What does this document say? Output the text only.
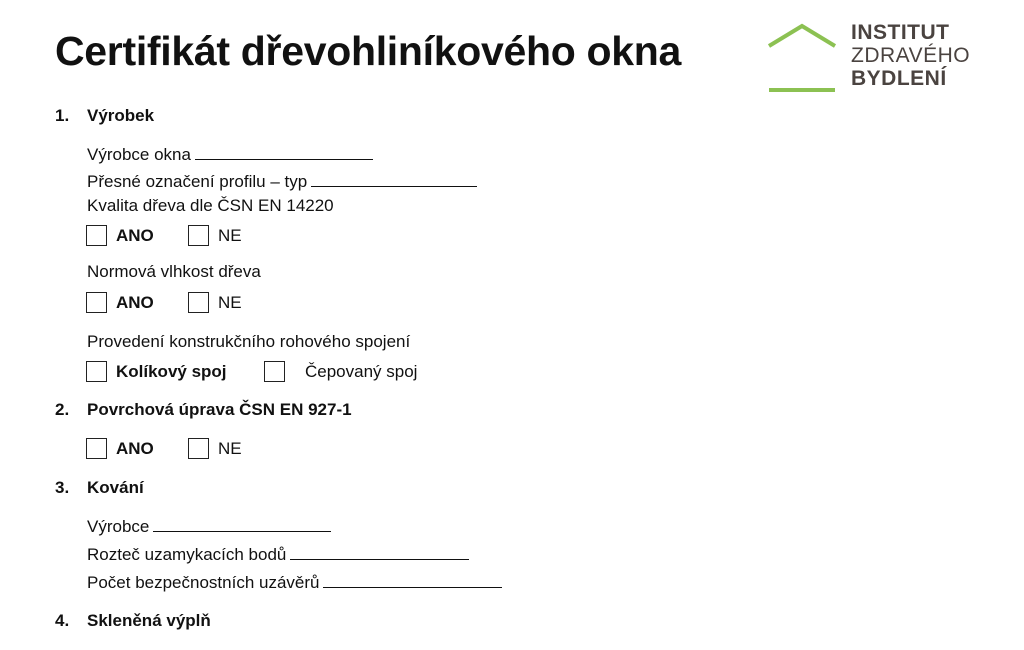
Certifikát dřevohliníkového okna	INSTITUT
ZDRAVÉHO
BYDLENÍ
1. Výrobek
Výrobce okna
Přesné označení profilu – typ
Kvalita dřeva dle ČSN EN 14220
ANO	NE
Normová vlhkost dřeva
ANO	NE
Provedení konstrukčního rohového spojení
Kolíkový spoj	Čepovaný spoj
2. Povrchová úprava ČSN EN 927-1
ANO	NE
3. Kování
Výrobce
Rozteč uzamykacích bodů
Počet bezpečnostních uzávěrů
4. Skleněná výplň
